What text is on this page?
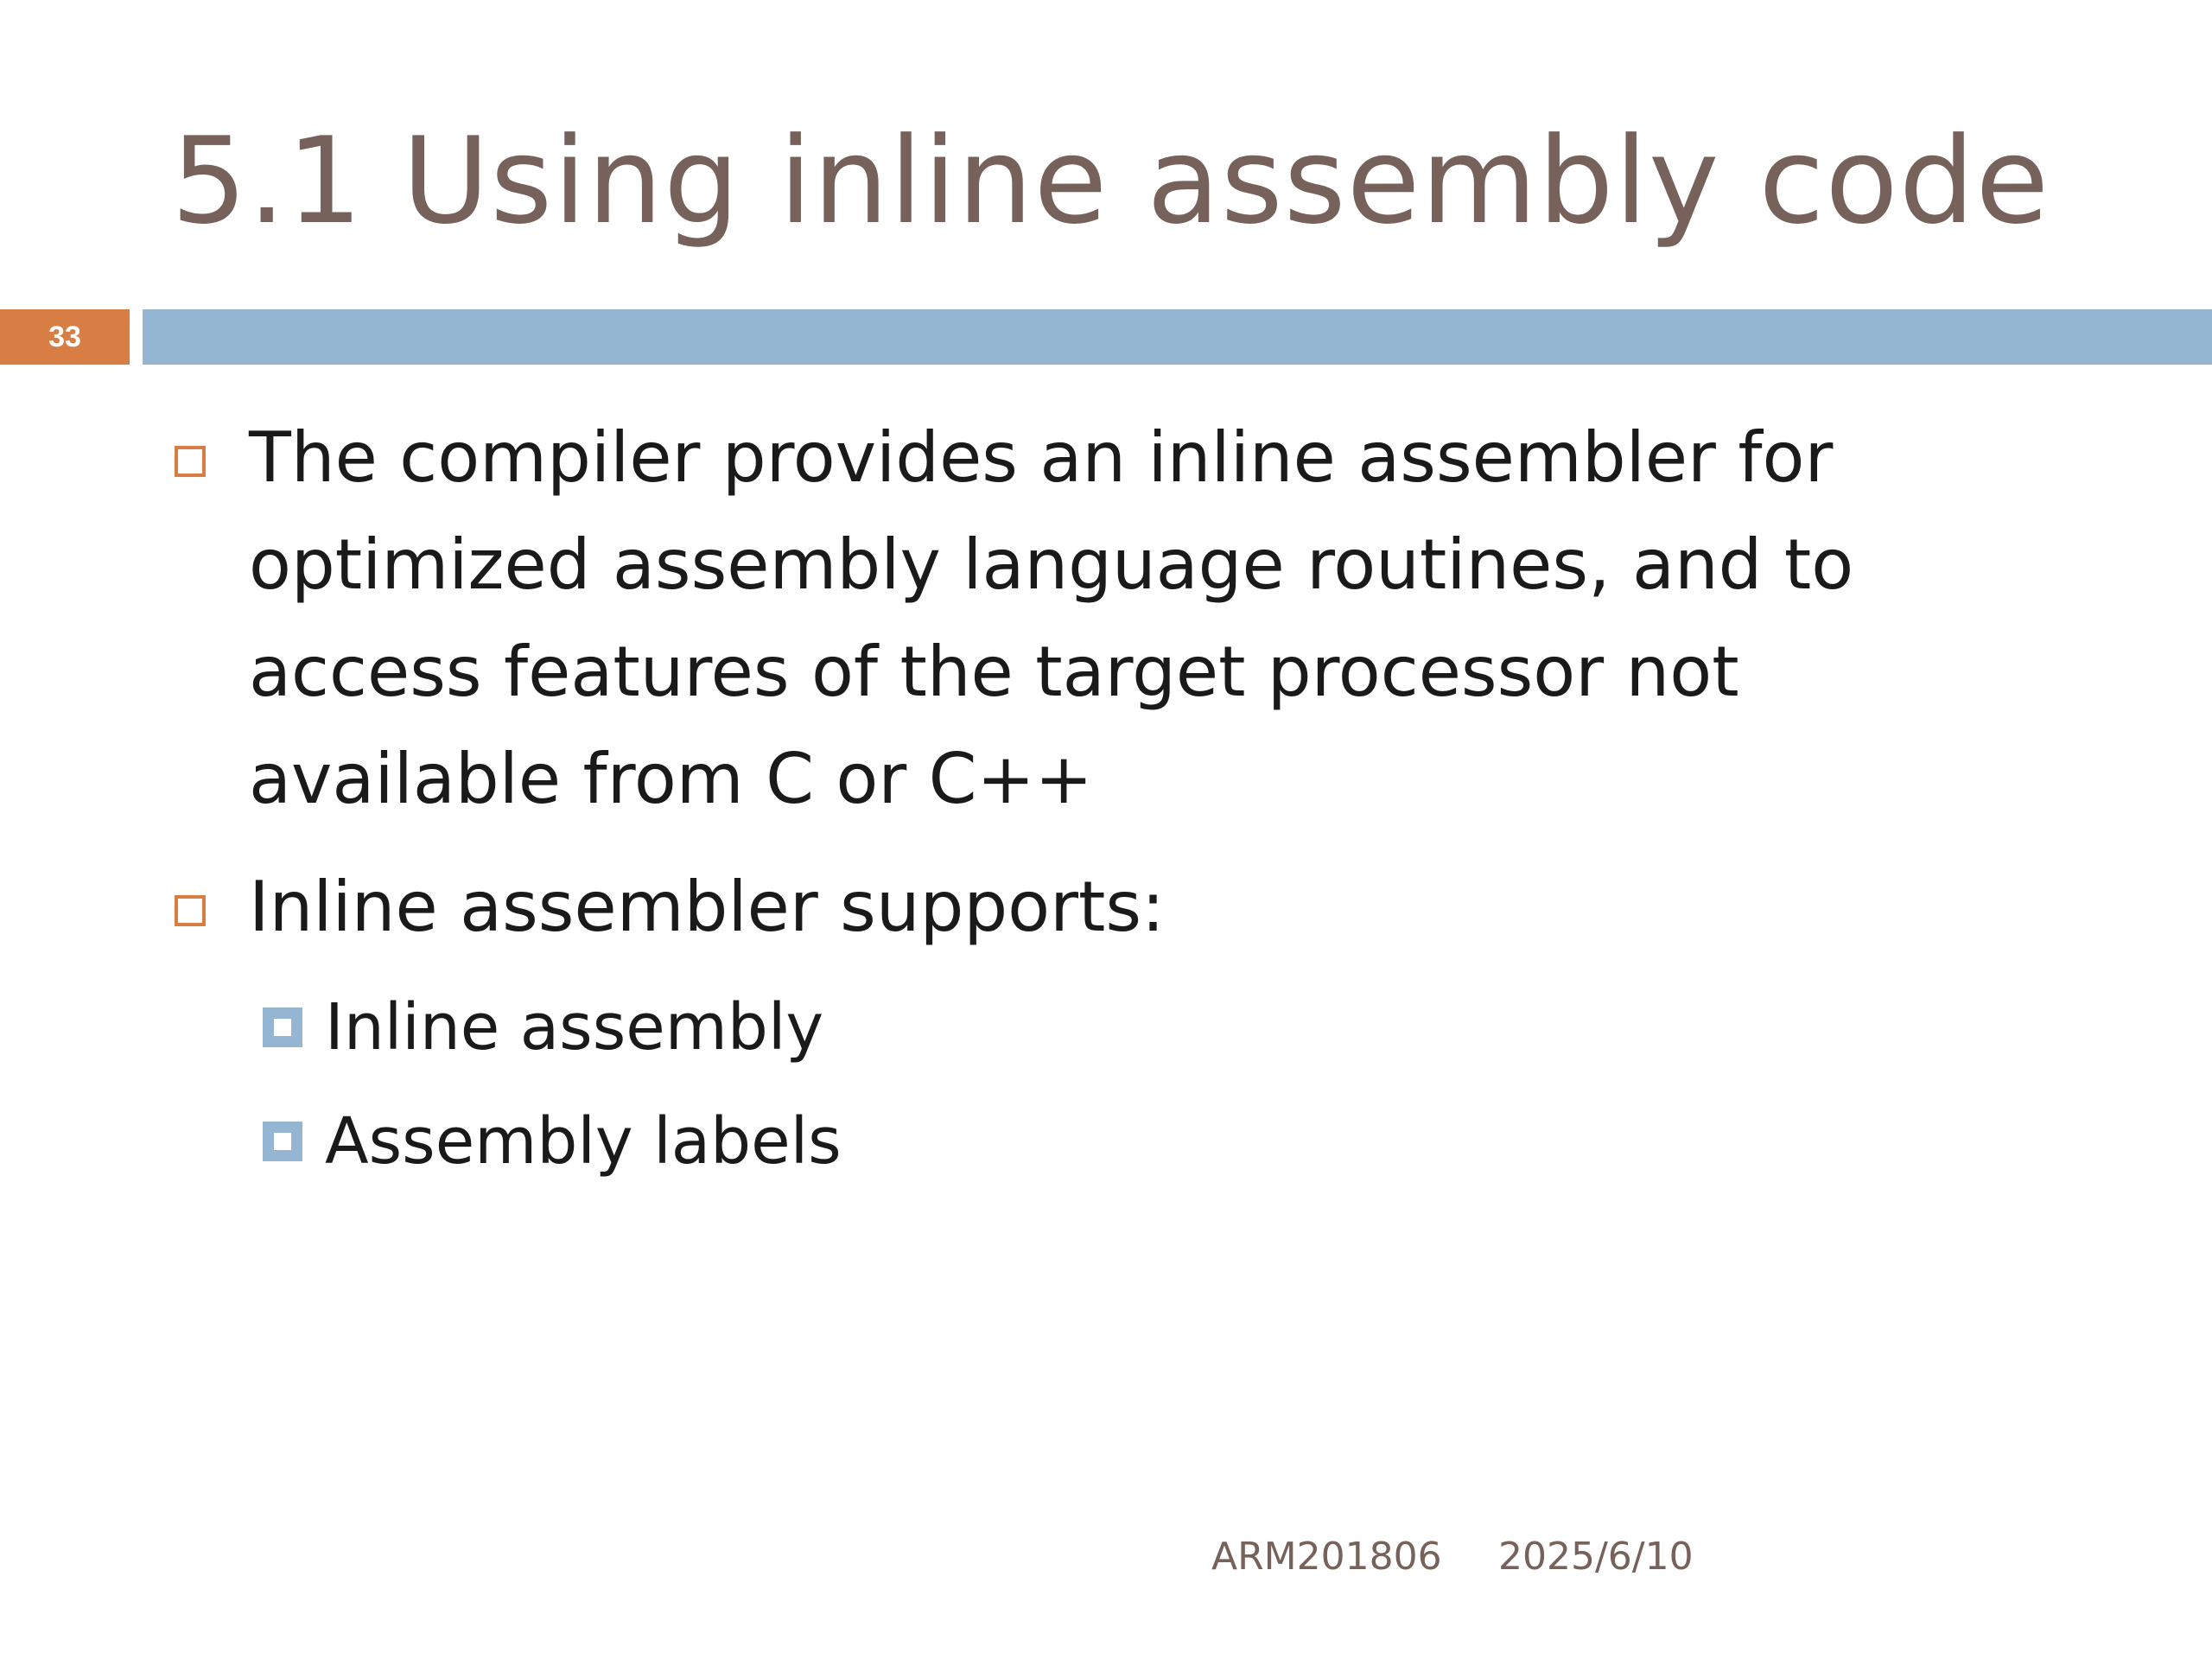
5.1 Using inline assembly code
33
The compiler provides an inline assembler for
optimized assembly language routines, and to
access features of the target processor not
available from C or C++
Inline assembler supports:
Inline assembly
Assembly labels
ARM201806 2025/6/10
